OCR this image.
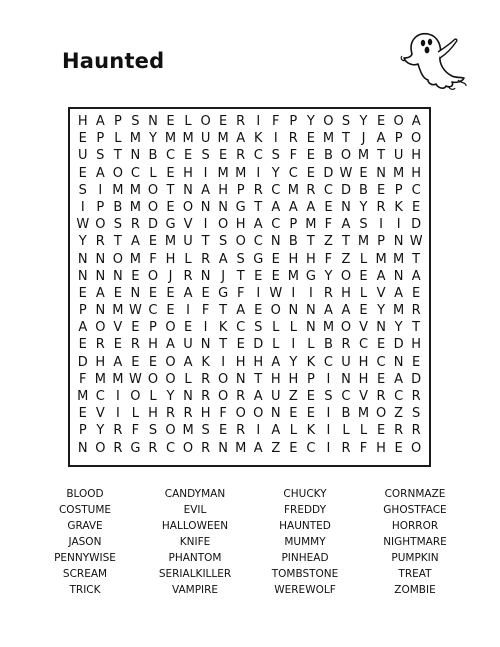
Haunted
H A P S N E L O E R I F P Y O S Y E O A
E P L M Y M M U M A K I R E M T J A P O
U S T N B C E S E R C S F E B O M T U H
E A O C L E H I M M I Y C E D W E N M H
S I M M O T N A H P R C M R C D B E P C
I P B M O E O N N G T A A A E N Y R K E
W O S R D G V I O H A C P M F A S I	I D
Y R T A E M U T S O C N B T Z T M P N W
N N O M F H L R A S G E H H F Z L M M T
N N N E O J R N J T E E M G Y O E A N A
E A E N E E A E G F I W I	I R H L V A E
P N M W C E I F T A E O N N A A E Y M R
A O V E P O E I K C S L L N M O V N Y T
E R E R H A U N T E D L I L B R C E D H
D H A E E O A K I H H A Y K C U H C N E
F M M W O O L R O N T H H P I N H E A D
M C I O L Y N R O R A U Z E S C V R C R
E V I L H R R H F O O N E E I B M O Z S
P Y R F S O M S E R I A L K I L L E R R
N O R G R C O R N M A Z E C I R F H E O
BLOOD	CANDYMAN	CHUCKY	CORNMAZE
COSTUME	EVIL	FREDDY	GHOSTFACE
GRAVE	HALLOWEEN	HAUNTED	HORROR
JASON	KNIFE	MUMMY	NIGHTMARE
PENNYWISE	PHANTOM	PINHEAD	PUMPKIN
SCREAM	SERIALKILLER	TOMBSTONE	TREAT
TRICK	VAMPIRE	WEREWOLF	ZOMBIE
